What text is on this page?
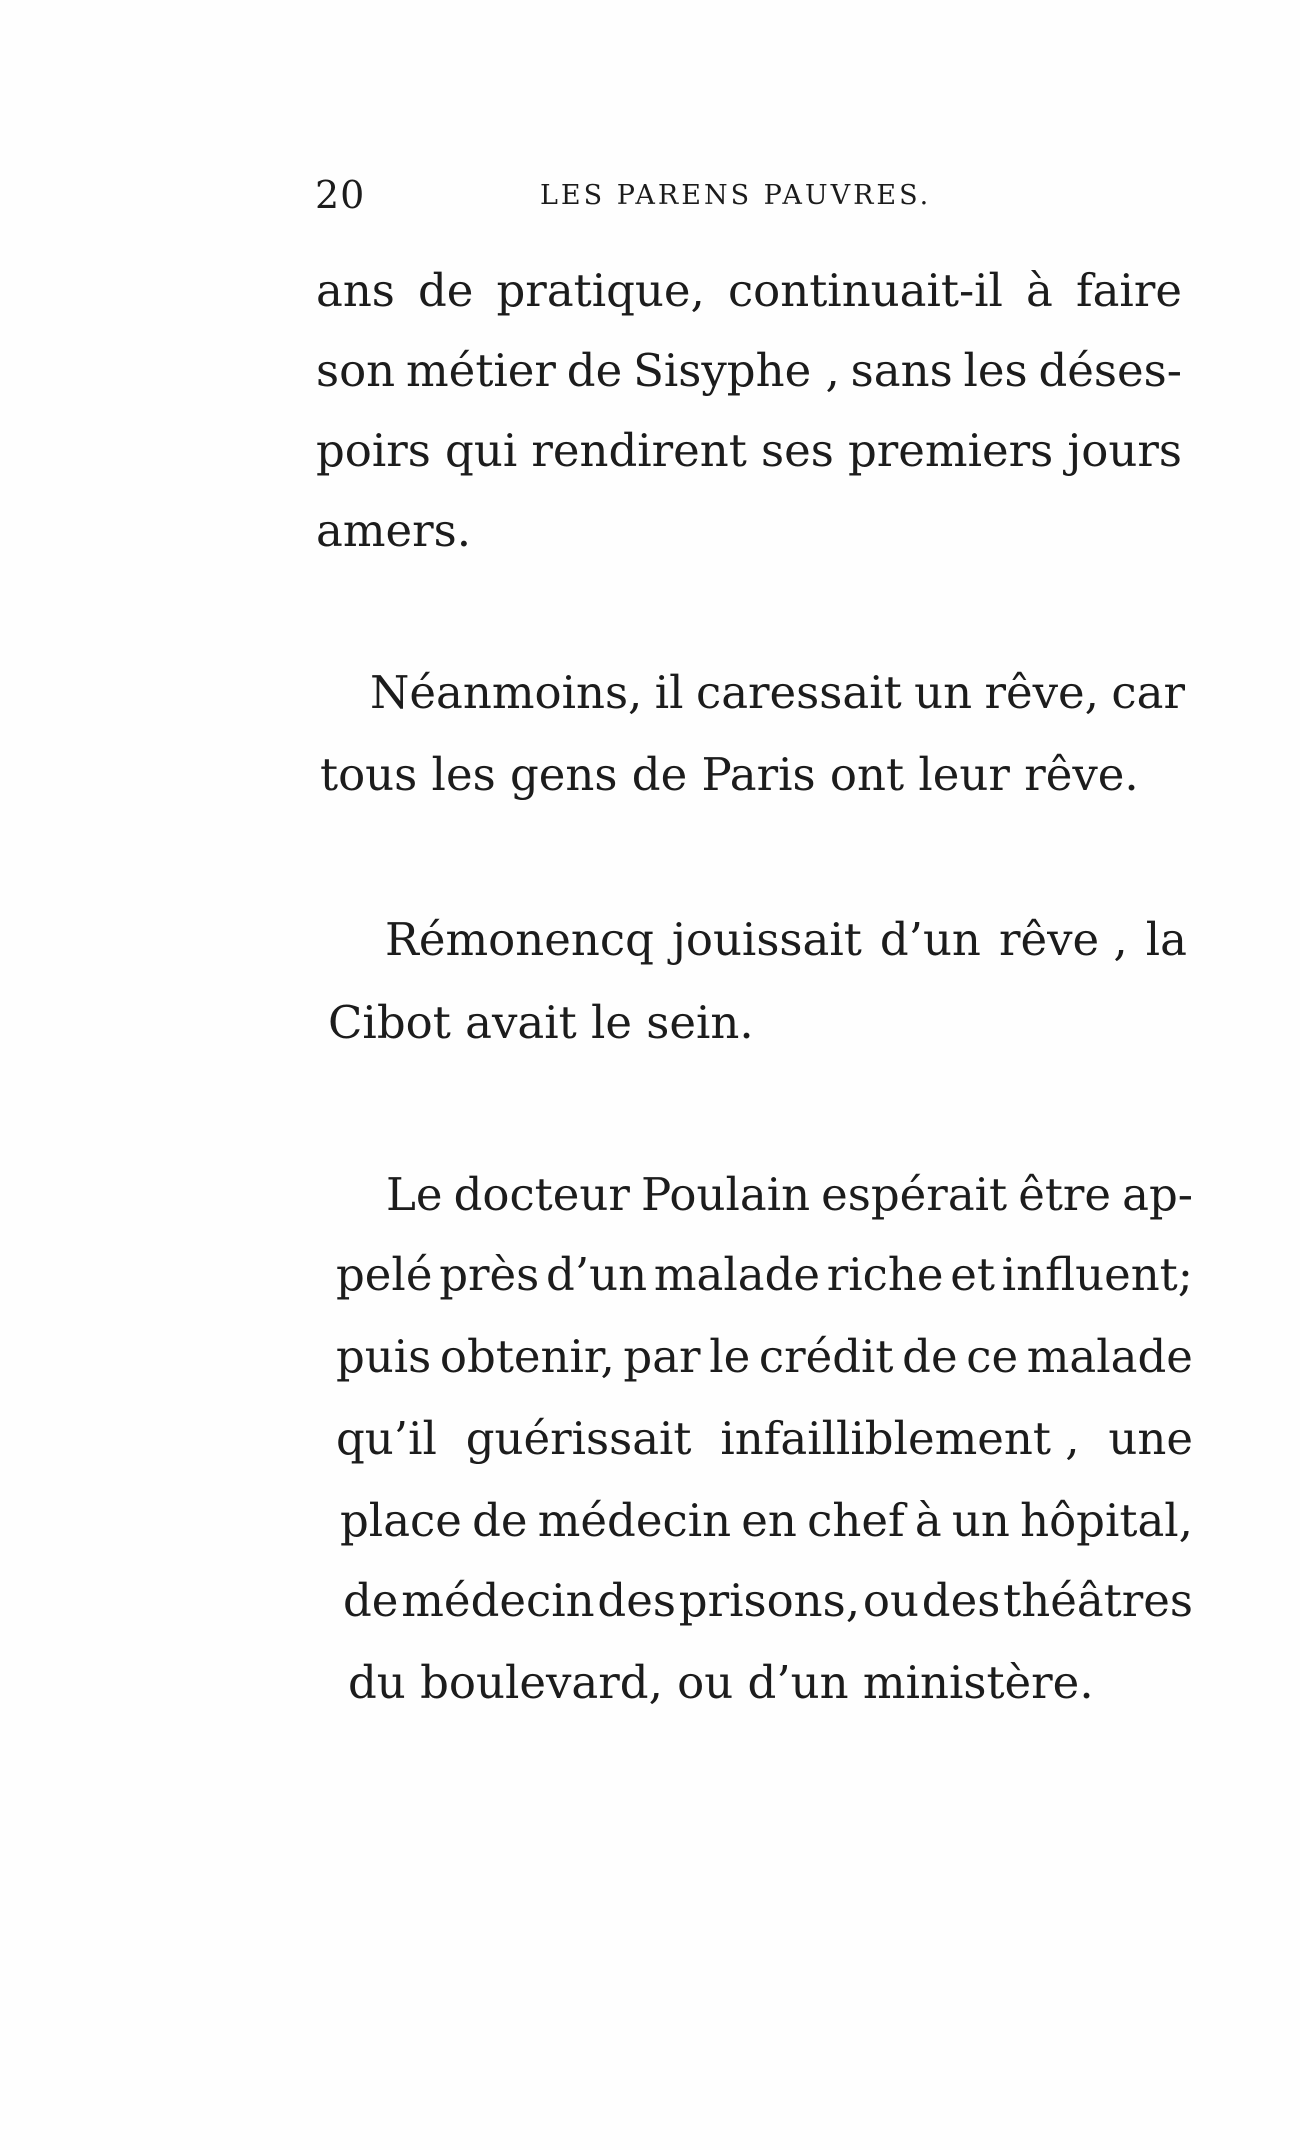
20	LES PARENS PAUVRES.
ans de pratique, continuait-il à faire
son métier de Sisyphe , sans les déses-
poirs qui rendirent ses premiers jours
amers.
Néanmoins, il caressait un rêve, car
tous les gens de Paris ont leur rêve.
Rémonencq jouissait d’un rêve , la
Cibot avait le sein.
Le docteur Poulain espérait être ap-
pelé près d’un malade riche et influent;
puis obtenir, par le crédit de ce malade
qu’il guérissait infailliblement , une
place de médecin en chef à un hôpital,
de médecin des prisons, ou des théâtres
du boulevard, ou d’un ministère.
